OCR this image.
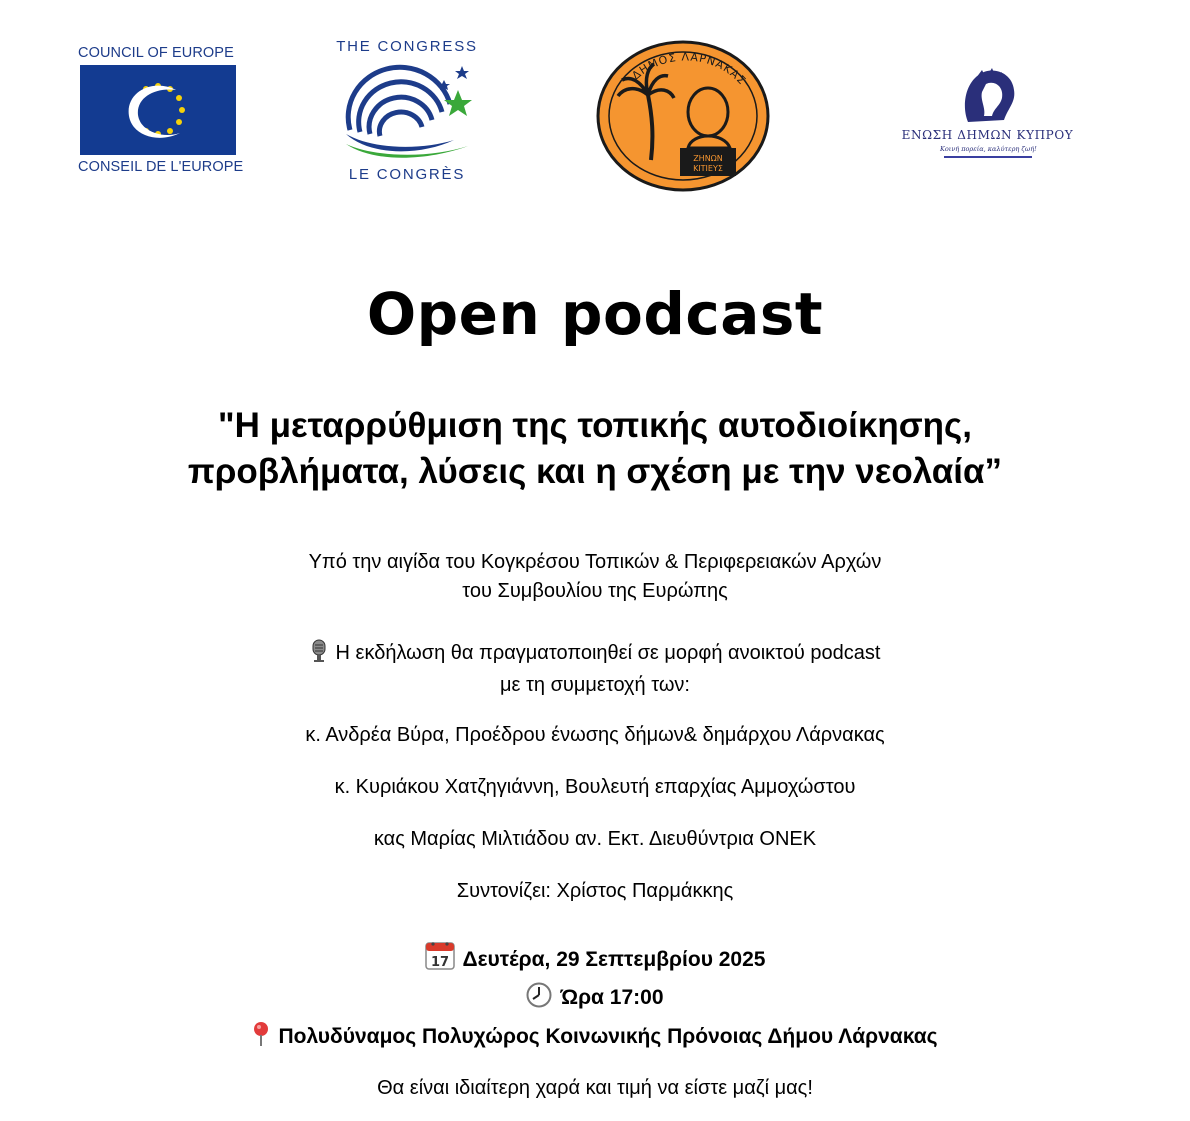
COUNCIL OF EUROPE
CONSEIL DE L'EUROPE
THE CONGRESS
LE CONGRÈS
ZHNΩN
KITIEYΣ
ΔΗΜΟΣ ΛΑΡΝΑΚΑΣ
ΕΝΩΣΗ ΔΗΜΩΝ ΚΥΠΡΟΥ
Κοινή πορεία, καλύτερη ζωή!
Open podcast
"Η μεταρρύθμιση της τοπικής αυτοδιοίκησης,
προβλήματα, λύσεις και η σχέση με την νεολαία”
Υπό την αιγίδα του Κογκρέσου Τοπικών & Περιφερειακών Αρχών
του Συμβουλίου της Ευρώπης
Η εκδήλωση θα πραγματοποιηθεί σε μορφή ανοικτού podcast
με τη συμμετοχή των:
κ. Ανδρέα Βύρα, Προέδρου ένωσης δήμων& δημάρχου Λάρνακας
κ. Κυριάκου Χατζηγιάννη, Βουλευτή επαρχίας Αμμοχώστου
κας Μαρίας Μιλτιάδου αν. Εκτ. Διευθύντρια ΟΝΕΚ
Συντονίζει: Χρίστος Παρμάκκης
17 Δευτέρα, 29 Σεπτεμβρίου 2025
Ώρα 17:00
Πολυδύναμος Πολυχώρος Κοινωνικής Πρόνοιας Δήμου Λάρνακας
Θα είναι ιδιαίτερη χαρά και τιμή να είστε μαζί μας!
